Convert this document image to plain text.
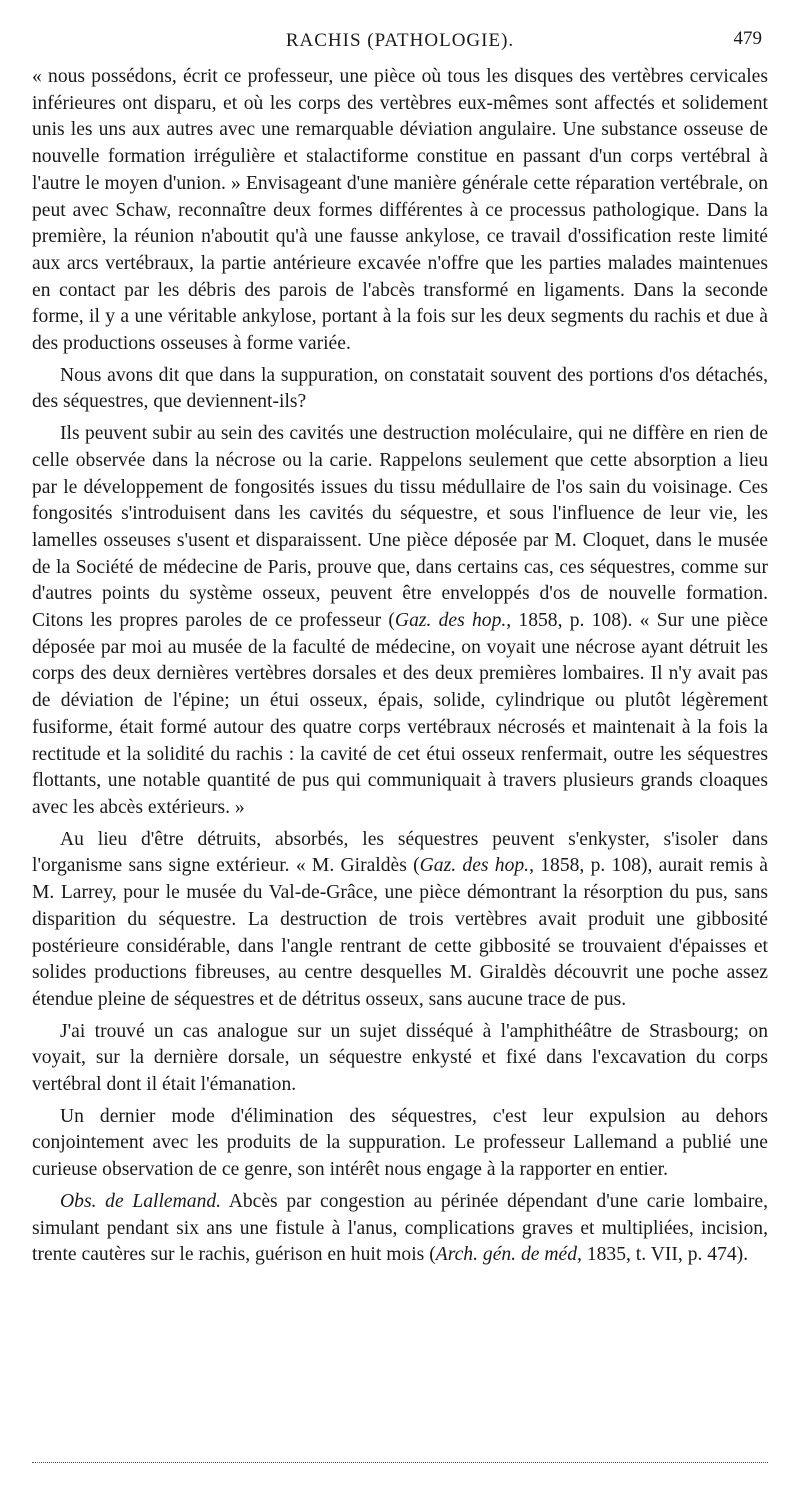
RACHIS (PATHOLOGIE).	479

« nous possédons, écrit ce professeur, une pièce où tous les disques des vertèbres cervicales inférieures ont disparu, et où les corps des vertèbres eux-mêmes sont affectés et solidement unis les uns aux autres avec une remarquable déviation angulaire. Une substance osseuse de nouvelle formation irrégulière et stalactiforme constitue en passant d'un corps vertébral à l'autre le moyen d'union. » Envisageant d'une manière générale cette réparation vertébrale, on peut avec Schaw, reconnaître deux formes différentes à ce processus pathologique. Dans la première, la réunion n'aboutit qu'à une fausse ankylose, ce travail d'ossification reste limité aux arcs vertébraux, la partie antérieure excavée n'offre que les parties malades maintenues en contact par les débris des parois de l'abcès transformé en ligaments. Dans la seconde forme, il y a une véritable ankylose, portant à la fois sur les deux segments du rachis et due à des productions osseuses à forme variée.

Nous avons dit que dans la suppuration, on constatait souvent des portions d'os détachés, des séquestres, que deviennent-ils?

Ils peuvent subir au sein des cavités une destruction moléculaire, qui ne diffère en rien de celle observée dans la nécrose ou la carie. Rappelons seulement que cette absorption a lieu par le développement de fongosités issues du tissu médullaire de l'os sain du voisinage. Ces fongosités s'introduisent dans les cavités du séquestre, et sous l'influence de leur vie, les lamelles osseuses s'usent et disparaissent. Une pièce déposée par M. Cloquet, dans le musée de la Société de médecine de Paris, prouve que, dans certains cas, ces séquestres, comme sur d'autres points du système osseux, peuvent être enveloppés d'os de nouvelle formation. Citons les propres paroles de ce professeur (Gaz. des hop., 1858, p. 108). « Sur une pièce déposée par moi au musée de la faculté de médecine, on voyait une nécrose ayant détruit les corps des deux dernières vertèbres dorsales et des deux premières lombaires. Il n'y avait pas de déviation de l'épine; un étui osseux, épais, solide, cylindrique ou plutôt légèrement fusiforme, était formé autour des quatre corps vertébraux nécrosés et maintenait à la fois la rectitude et la solidité du rachis : la cavité de cet étui osseux renfermait, outre les séquestres flottants, une notable quantité de pus qui communiquait à travers plusieurs grands cloaques avec les abcès extérieurs. »

Au lieu d'être détruits, absorbés, les séquestres peuvent s'enkyster, s'isoler dans l'organisme sans signe extérieur. « M. Giraldès (Gaz. des hop., 1858, p. 108), aurait remis à M. Larrey, pour le musée du Val-de-Grâce, une pièce démontrant la résorption du pus, sans disparition du séquestre. La destruction de trois vertèbres avait produit une gibbosité postérieure considérable, dans l'angle rentrant de cette gibbosité se trouvaient d'épaisses et solides productions fibreuses, au centre desquelles M. Giraldès découvrit une poche assez étendue pleine de séquestres et de détritus osseux, sans aucune trace de pus.

J'ai trouvé un cas analogue sur un sujet disséqué à l'amphithéâtre de Strasbourg; on voyait, sur la dernière dorsale, un séquestre enkysté et fixé dans l'excavation du corps vertébral dont il était l'émanation.

Un dernier mode d'élimination des séquestres, c'est leur expulsion au dehors conjointement avec les produits de la suppuration. Le professeur Lallemand a publié une curieuse observation de ce genre, son intérêt nous engage à la rapporter en entier.

Obs. de Lallemand. Abcès par congestion au périnée dépendant d'une carie lombaire, simulant pendant six ans une fistule à l'anus, complications graves et multipliées, incision, trente cautères sur le rachis, guérison en huit mois (Arch. gén. de méd, 1835, t. VII, p. 474).
